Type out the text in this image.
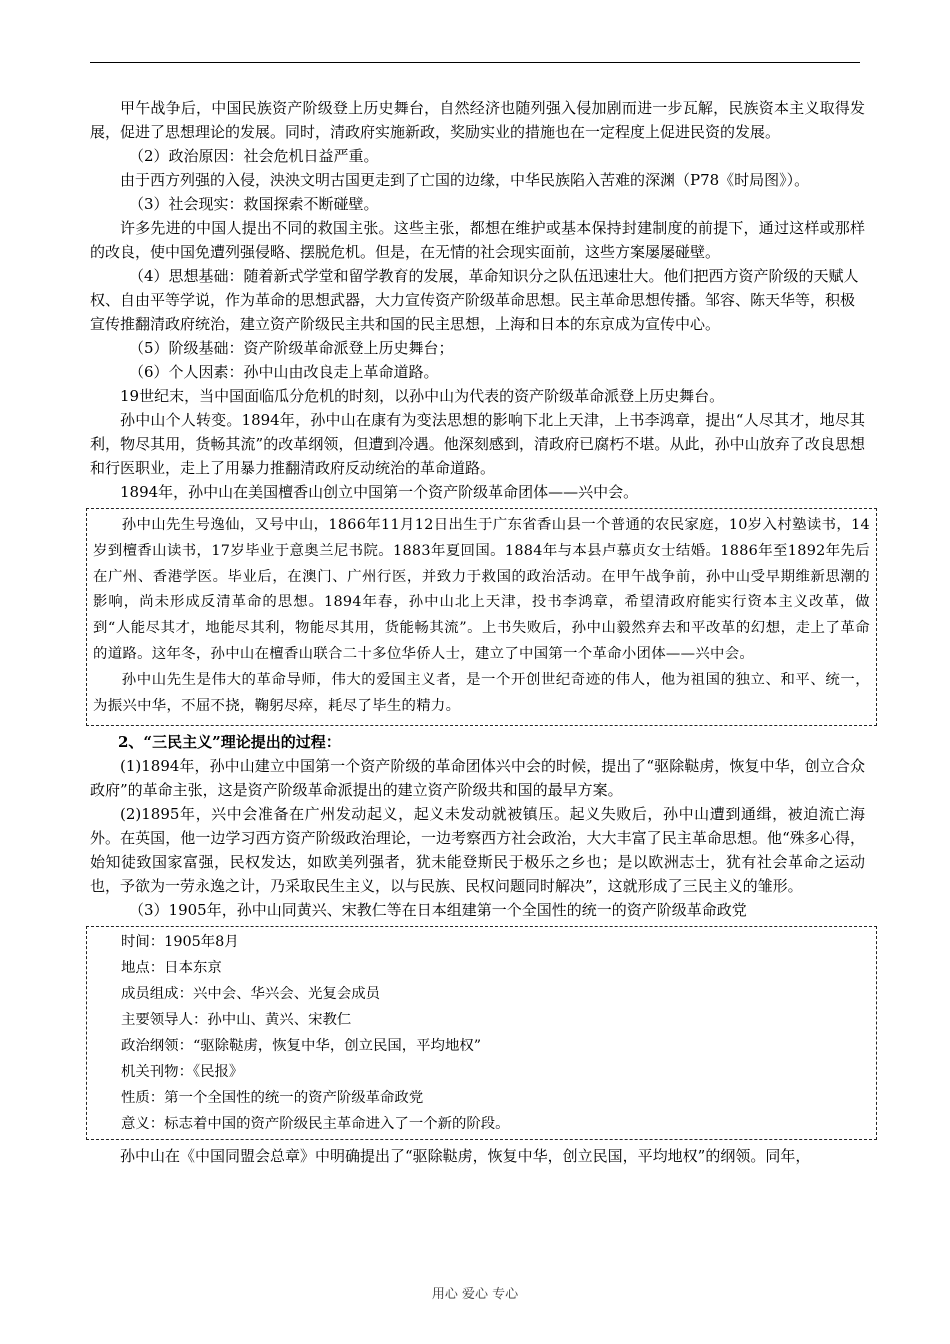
甲午战争后，中国民族资产阶级登上历史舞台，自然经济也随列强入侵加剧而进一步瓦解，民族资本主义取得发展，促进了思想理论的发展。同时，清政府实施新政，奖励实业的措施也在一定程度上促进民资的发展。

（2）政治原因：社会危机日益严重。

由于西方列强的入侵，泱泱文明古国更走到了亡国的边缘，中华民族陷入苦难的深渊（P78《时局图》）。

（3）社会现实：救国探索不断碰壁。

许多先进的中国人提出不同的救国主张。这些主张，都想在维护或基本保持封建制度的前提下，通过这样或那样的改良，使中国免遭列强侵略、摆脱危机。但是，在无情的社会现实面前，这些方案屡屡碰壁。

（4）思想基础：随着新式学堂和留学教育的发展，革命知识分之队伍迅速壮大。他们把西方资产阶级的天赋人权、自由平等学说，作为革命的思想武器，大力宣传资产阶级革命思想。民主革命思想传播。邹容、陈天华等，积极宣传推翻清政府统治，建立资产阶级民主共和国的民主思想，上海和日本的东京成为宣传中心。

（5）阶级基础：资产阶级革命派登上历史舞台；

（6）个人因素：孙中山由改良走上革命道路。

19世纪末，当中国面临瓜分危机的时刻，以孙中山为代表的资产阶级革命派登上历史舞台。

孙中山个人转变。1894年，孙中山在康有为变法思想的影响下北上天津，上书李鸿章，提出“人尽其才，地尽其利，物尽其用，货畅其流”的改革纲领，但遭到冷遇。他深刻感到，清政府已腐朽不堪。从此，孙中山放弃了改良思想和行医职业，走上了用暴力推翻清政府反动统治的革命道路。

1894年，孙中山在美国檀香山创立中国第一个资产阶级革命团体——兴中会。

孙中山先生号逸仙，又号中山，1866年11月12日出生于广东省香山县一个普通的农民家庭，10岁入村塾读书，14岁到檀香山读书，17岁毕业于意奥兰尼书院。1883年夏回国。1884年与本县卢慕贞女士结婚。1886年至1892年先后在广州、香港学医。毕业后，在澳门、广州行医，并致力于救国的政治活动。在甲午战争前，孙中山受早期维新思潮的影响，尚未形成反清革命的思想。1894年春，孙中山北上天津，投书李鸿章，希望清政府能实行资本主义改革，做到“人能尽其才，地能尽其利，物能尽其用，货能畅其流”。上书失败后，孙中山毅然弃去和平改革的幻想，走上了革命的道路。这年冬，孙中山在檀香山联合二十多位华侨人士，建立了中国第一个革命小团体——兴中会。

孙中山先生是伟大的革命导师，伟大的爱国主义者，是一个开创世纪奇迹的伟人，他为祖国的独立、和平、统一，为振兴中华，不屈不挠，鞠躬尽瘁，耗尽了毕生的精力。

2、“三民主义”理论提出的过程：

(1)1894年，孙中山建立中国第一个资产阶级的革命团体兴中会的时候，提出了“驱除鞑虏，恢复中华，创立合众政府”的革命主张，这是资产阶级革命派提出的建立资产阶级共和国的最早方案。

(2)1895年，兴中会准备在广州发动起义，起义未发动就被镇压。起义失败后，孙中山遭到通缉，被迫流亡海外。在英国，他一边学习西方资产阶级政治理论，一边考察西方社会政治，大大丰富了民主革命思想。他“殊多心得，始知徒致国家富强，民权发达，如欧美列强者，犹未能登斯民于极乐之乡也；是以欧洲志士，犹有社会革命之运动也，予欲为一劳永逸之计，乃采取民生主义，以与民族、民权问题同时解决”，这就形成了三民主义的雏形。

（3）1905年，孙中山同黄兴、宋教仁等在日本组建第一个全国性的统一的资产阶级革命政党

时间：1905年8月
地点：日本东京
成员组成：兴中会、华兴会、光复会成员
主要领导人：孙中山、黄兴、宋教仁
政治纲领：“驱除鞑虏，恢复中华，创立民国，平均地权”
机关刊物：《民报》
性质：第一个全国性的统一的资产阶级革命政党
意义：标志着中国的资产阶级民主革命进入了一个新的阶段。

孙中山在《中国同盟会总章》中明确提出了“驱除鞑虏，恢复中华，创立民国，平均地权”的纲领。同年，

用心 爱心 专心
